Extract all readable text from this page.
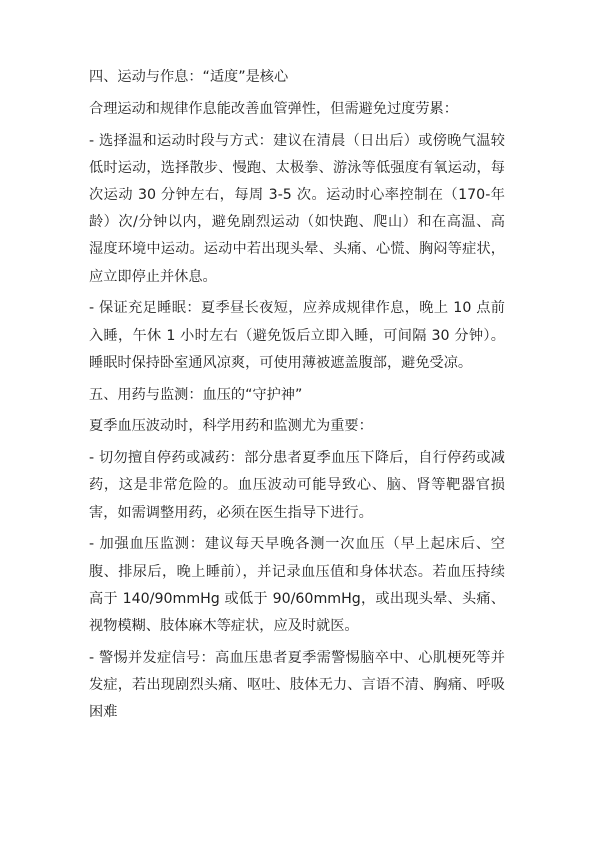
四、运动与作息：“适度”是核心

合理运动和规律作息能改善血管弹性，但需避免过度劳累：

- 选择温和运动时段与方式：建议在清晨（日出后）或傍晚气温较低时运动，选择散步、慢跑、太极拳、游泳等低强度有氧运动，每次运动 30 分钟左右，每周 3-5 次。运动时心率控制在（170-年龄）次/分钟以内，避免剧烈运动（如快跑、爬山）和在高温、高湿度环境中运动。运动中若出现头晕、头痛、心慌、胸闷等症状，应立即停止并休息。

- 保证充足睡眠：夏季昼长夜短，应养成规律作息，晚上 10 点前入睡，午休 1 小时左右（避免饭后立即入睡，可间隔 30 分钟）。睡眠时保持卧室通风凉爽，可使用薄被遮盖腹部，避免受凉。

五、用药与监测：血压的“守护神”

夏季血压波动时，科学用药和监测尤为重要：

- 切勿擅自停药或减药：部分患者夏季血压下降后，自行停药或减药，这是非常危险的。血压波动可能导致心、脑、肾等靶器官损害，如需调整用药，必须在医生指导下进行。

- 加强血压监测：建议每天早晚各测一次血压（早上起床后、空腹、排尿后，晚上睡前），并记录血压值和身体状态。若血压持续高于 140/90mmHg 或低于 90/60mmHg，或出现头晕、头痛、视物模糊、肢体麻木等症状，应及时就医。

- 警惕并发症信号：高血压患者夏季需警惕脑卒中、心肌梗死等并发症，若出现剧烈头痛、呕吐、肢体无力、言语不清、胸痛、呼吸困难
